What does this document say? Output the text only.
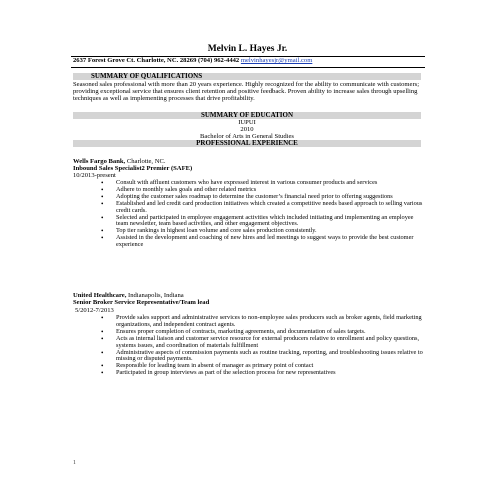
Melvin L. Hayes Jr.
2637 Forest Grove Ct. Charlotte, NC. 28269 (704) 962-4442 melvinhayesjr@ymail.com
SUMMARY OF QUALIFICATIONS
Seasoned sales professional with more than 20 years experience. Highly recognized for the ability to communicate with customers; providing exceptional service that ensures client retention and positive feedback. Proven ability to increase sales through upselling techniques as well as implementing processes that drive profitability.
SUMMARY OF EDUCATION
IUPUI
2010
Bachelor of Arts in General Studies
PROFESSIONAL EXPERIENCE
Wells Fargo Bank, Charlotte, NC.
Inbound Sales Specialist2 Premier (SAFE)
10/2013-present
• Consult with affluent customers who have expressed interest in various consumer products and services
• Adhere to monthly sales goals and other related metrics
• Adopting the customer sales roadmap to determine the customer’s financial need prior to offering suggestions
• Established and led credit card production initiatives which created a competitive needs based approach to selling various credit cards.
• Selected and participated in employee engagement activities which included initiating and implementing an employee team newsletter, team based activities, and other engagement objectives.
• Top tier rankings in highest loan volume and core sales production consistently.
• Assisted in the development and coaching of new hires and led meetings to suggest ways to provide the best customer experience
United Healthcare, Indianapolis, Indiana
Senior Broker Service Representative/Team lead
5/2012-7/2013
• Provide sales support and administrative services to non-employee sales producers such as broker agents, field marketing organizations, and independent contract agents.
• Ensures proper completion of contracts, marketing agreements, and documentation of sales targets.
• Acts as internal liaison and customer service resource for external producers relative to enrollment and policy questions, systems issues, and coordination of materials fulfillment
• Administrative aspects of commission payments such as routine tracking, reporting, and troubleshooting issues relative to missing or disputed payments.
• Responsible for leading team in absent of manager as primary point of contact
• Participated in group interviews as part of the selection process for new representatives
1
